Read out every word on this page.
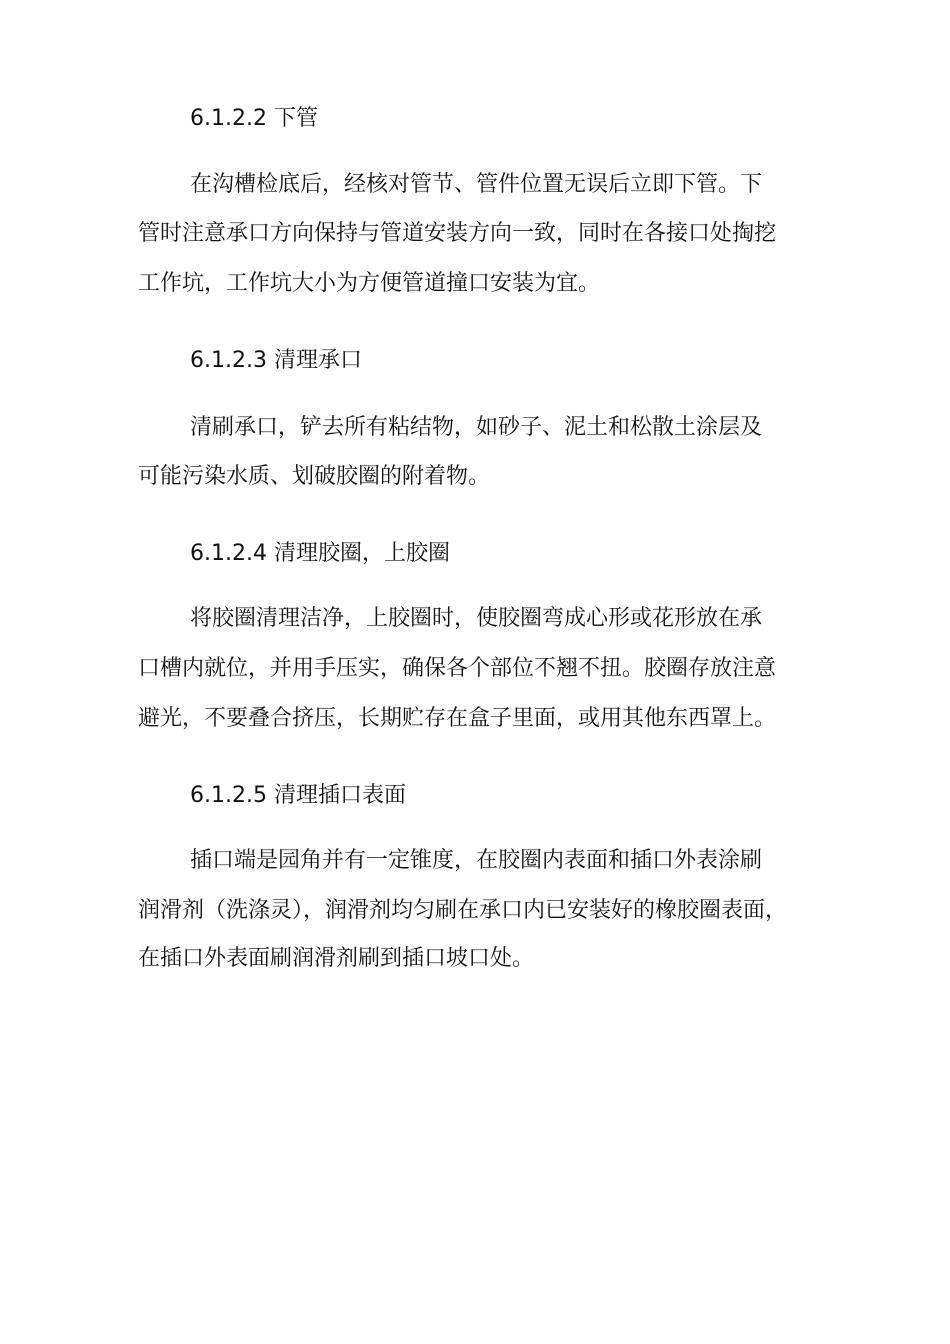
6.1.2.2 下管
在沟槽检底后，经核对管节、管件位置无误后立即下管。下
管时注意承口方向保持与管道安装方向一致，同时在各接口处掏挖
工作坑，工作坑大小为方便管道撞口安装为宜。
6.1.2.3 清理承口
清刷承口，铲去所有粘结物，如砂子、泥土和松散土涂层及
可能污染水质、划破胶圈的附着物。
6.1.2.4 清理胶圈，上胶圈
将胶圈清理洁净，上胶圈时，使胶圈弯成心形或花形放在承
口槽内就位，并用手压实，确保各个部位不翘不扭。胶圈存放注意
避光，不要叠合挤压，长期贮存在盒子里面，或用其他东西罩上。
6.1.2.5 清理插口表面
插口端是园角并有一定锥度，在胶圈内表面和插口外表涂刷
润滑剂（洗涤灵），润滑剂均匀刷在承口内已安装好的橡胶圈表面，
在插口外表面刷润滑剂刷到插口坡口处。
